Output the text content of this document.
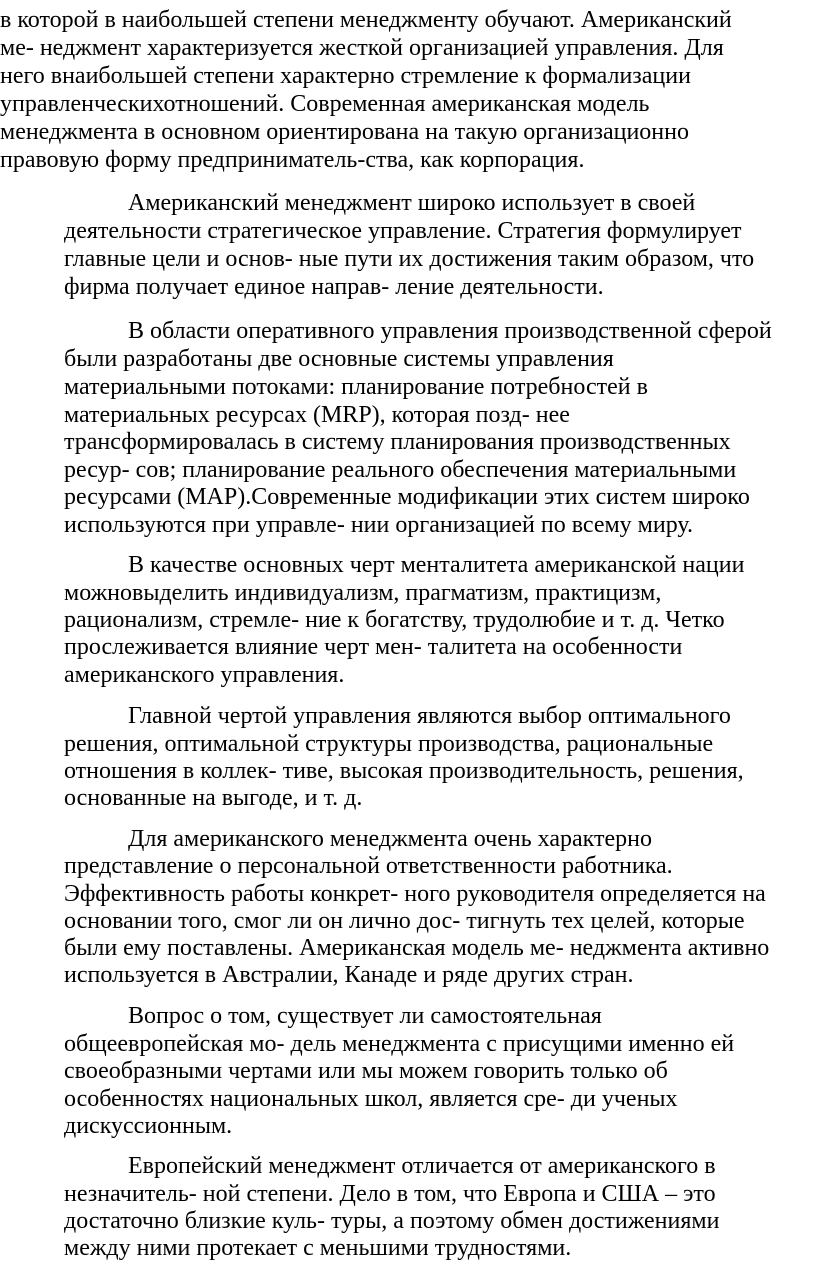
в которой в наибольшей степени менеджменту обучают. Американский

ме- неджмент характеризуется жесткой организацией управления. Для

него внаибольшей степени характерно стремление к формализации

управленческихотношений. Современная американская модель

менеджмента в основном ориентирована на такую организационно

правовую форму предприниматель-ства, как корпорация.

Американский менеджмент широко использует в своей

деятельности стратегическое управление. Стратегия формулирует

главные цели и основ- ные пути их достижения таким образом, что

фирма получает единое направ- ление деятельности.

В области оперативного управления производственной сферой

были разработаны две основные системы управления

материальными потоками: планирование потребностей в

материальных ресурсах (MRP), которая позд- нее

трансформировалась в систему планирования производственных

ресур- сов; планирование реального обеспечения материальными

ресурсами (MAP).Современные модификации этих систем широко

используются при управле- нии организацией по всему миру.

В качестве основных черт менталитета американской нации

можновыделить индивидуализм, прагматизм, практицизм,

рационализм, стремле- ние к богатству, трудолюбие и т. д. Четко

прослеживается влияние черт мен- талитета на особенности

американского управления.

Главной чертой управления являются выбор оптимального

решения, оптимальной структуры производства, рациональные

отношения в коллек- тиве, высокая производительность, решения,

основанные на выгоде, и т. д.

Для американского менеджмента очень характерно

представление о персональной ответственности работника.

Эффективность работы конкрет- ного руководителя определяется на

основании того, смог ли он лично дос- тигнуть тех целей, которые

были ему поставлены. Американская модель ме- неджмента активно

используется в Австралии, Канаде и ряде других стран.

Вопрос о том, существует ли самостоятельная

общеевропейская мо- дель менеджмента с присущими именно ей

своеобразными чертами или мы можем говорить только об

особенностях национальных школ, является сре- ди ученых

дискуссионным.

Европейский менеджмент отличается от американского в

незначитель- ной степени. Дело в том, что Европа и США – это

достаточно близкие куль- туры, а поэтому обмен достижениями

между ними протекает с меньшими трудностями.
